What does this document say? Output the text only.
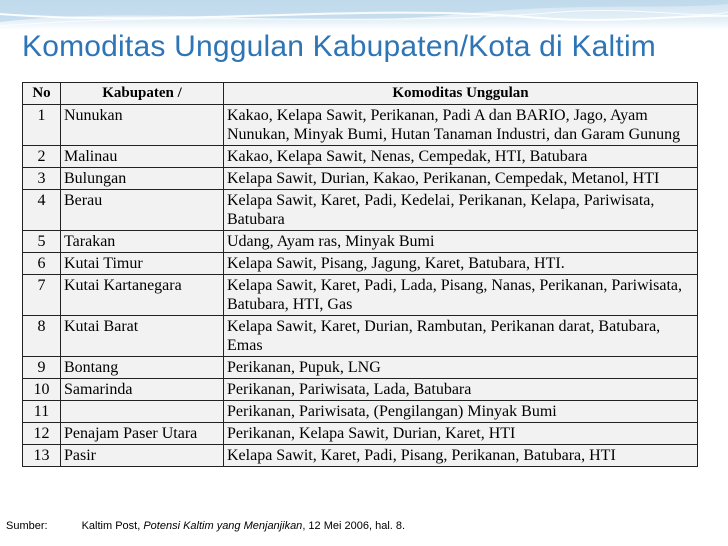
Komoditas Unggulan Kabupaten/Kota di Kaltim
No	Kabupaten /	Komoditas Unggulan
1	Nunukan	Kakao, Kelapa Sawit, Perikanan, Padi A dan BARIO, Jago, Ayam Nunukan, Minyak Bumi, Hutan Tanaman Industri, dan Garam Gunung
2	Malinau	Kakao, Kelapa Sawit, Nenas, Cempedak, HTI, Batubara
3	Bulungan	Kelapa Sawit, Durian, Kakao, Perikanan, Cempedak, Metanol, HTI
4	Berau	Kelapa Sawit, Karet, Padi, Kedelai, Perikanan, Kelapa, Pariwisata, Batubara
5	Tarakan	Udang, Ayam ras, Minyak Bumi
6	Kutai Timur	Kelapa Sawit, Pisang, Jagung, Karet, Batubara, HTI.
7	Kutai Kartanegara	Kelapa Sawit, Karet, Padi, Lada, Pisang, Nanas, Perikanan, Pariwisata, Batubara, HTI, Gas
8	Kutai Barat	Kelapa Sawit, Karet, Durian, Rambutan, Perikanan darat, Batubara, Emas
9	Bontang	Perikanan, Pupuk, LNG
10	Samarinda	Perikanan, Pariwisata, Lada, Batubara
11		Perikanan, Pariwisata, (Pengilangan) Minyak Bumi
12	Penajam Paser Utara	Perikanan, Kelapa Sawit, Durian, Karet, HTI
13	Pasir	Kelapa Sawit, Karet, Padi, Pisang, Perikanan, Batubara, HTI
Sumber:	Kaltim Post, Potensi Kaltim yang Menjanjikan, 12 Mei 2006, hal. 8.
